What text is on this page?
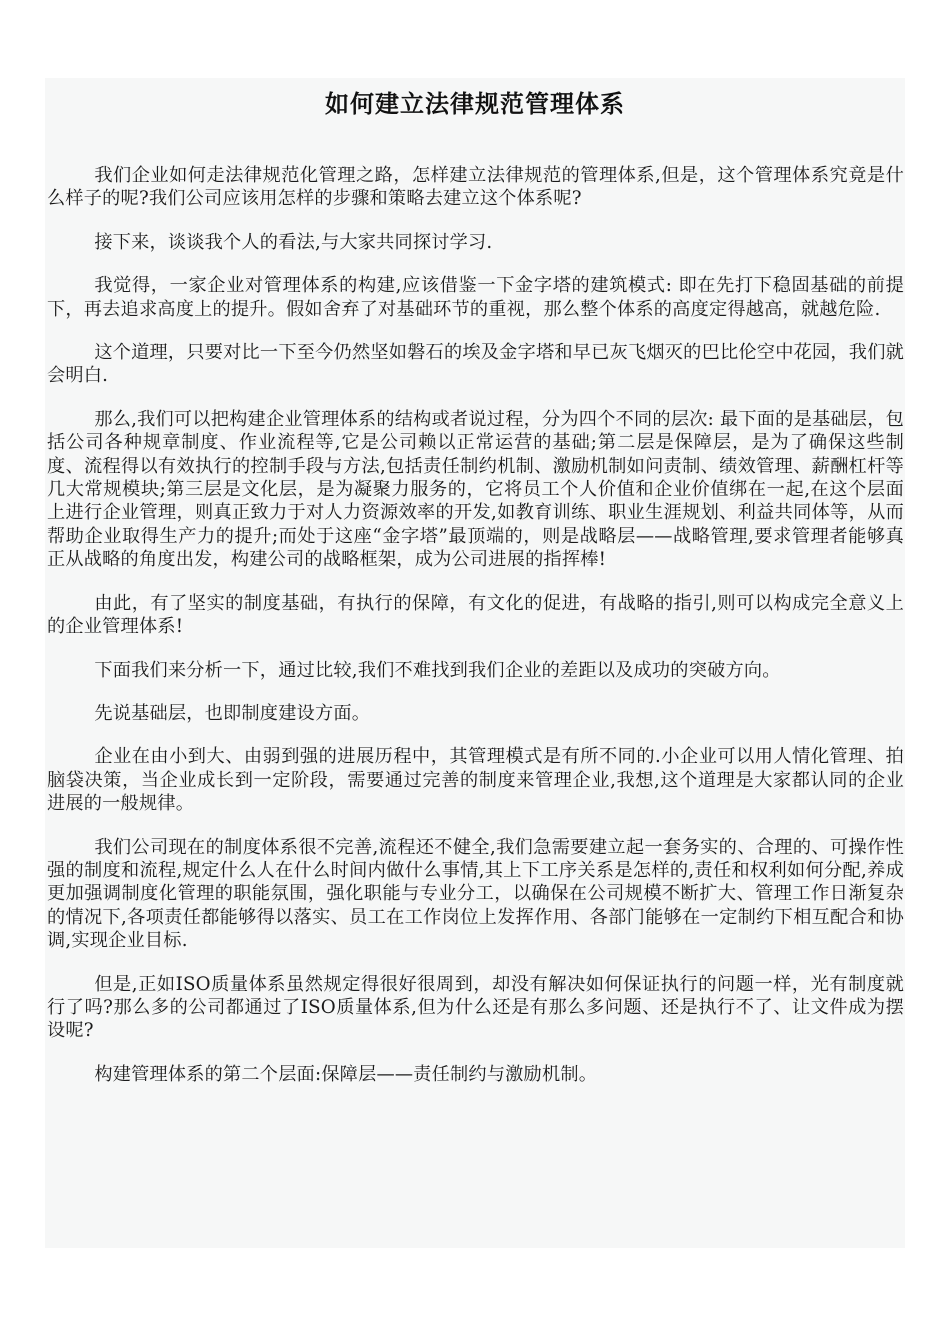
如何建立法律规范管理体系

我们企业如何走法律规范化管理之路，怎样建立法律规范的管理体系,但是，这个管理体系究竟是什么样子的呢?我们公司应该用怎样的步骤和策略去建立这个体系呢?

接下来，谈谈我个人的看法,与大家共同探讨学习.

我觉得，一家企业对管理体系的构建,应该借鉴一下金字塔的建筑模式: 即在先打下稳固基础的前提下，再去追求高度上的提升。假如舍弃了对基础环节的重视，那么整个体系的高度定得越高，就越危险.

这个道理，只要对比一下至今仍然坚如磐石的埃及金字塔和早已灰飞烟灭的巴比伦空中花园，我们就会明白.

那么,我们可以把构建企业管理体系的结构或者说过程，分为四个不同的层次: 最下面的是基础层，包括公司各种规章制度、作业流程等,它是公司赖以正常运营的基础;第二层是保障层，是为了确保这些制度、流程得以有效执行的控制手段与方法,包括责任制约机制、激励机制如问责制、绩效管理、薪酬杠杆等几大常规模块;第三层是文化层，是为凝聚力服务的，它将员工个人价值和企业价值绑在一起,在这个层面上进行企业管理，则真正致力于对人力资源效率的开发,如教育训练、职业生涯规划、利益共同体等，从而帮助企业取得生产力的提升;而处于这座“金字塔”最顶端的，则是战略层——战略管理,要求管理者能够真正从战略的角度出发，构建公司的战略框架，成为公司进展的指挥棒!

由此，有了坚实的制度基础，有执行的保障，有文化的促进，有战略的指引,则可以构成完全意义上的企业管理体系!

下面我们来分析一下，通过比较,我们不难找到我们企业的差距以及成功的突破方向。

先说基础层，也即制度建设方面。

企业在由小到大、由弱到强的进展历程中，其管理模式是有所不同的.小企业可以用人情化管理、拍脑袋决策，当企业成长到一定阶段，需要通过完善的制度来管理企业,我想,这个道理是大家都认同的企业进展的一般规律。

我们公司现在的制度体系很不完善,流程还不健全,我们急需要建立起一套务实的、合理的、可操作性强的制度和流程,规定什么人在什么时间内做什么事情,其上下工序关系是怎样的,责任和权利如何分配,养成更加强调制度化管理的职能氛围，强化职能与专业分工，以确保在公司规模不断扩大、管理工作日渐复杂的情况下,各项责任都能够得以落实、员工在工作岗位上发挥作用、各部门能够在一定制约下相互配合和协调,实现企业目标.

但是,正如ISO质量体系虽然规定得很好很周到，却没有解决如何保证执行的问题一样，光有制度就行了吗?那么多的公司都通过了ISO质量体系,但为什么还是有那么多问题、还是执行不了、让文件成为摆设呢?

构建管理体系的第二个层面:保障层——责任制约与激励机制。
